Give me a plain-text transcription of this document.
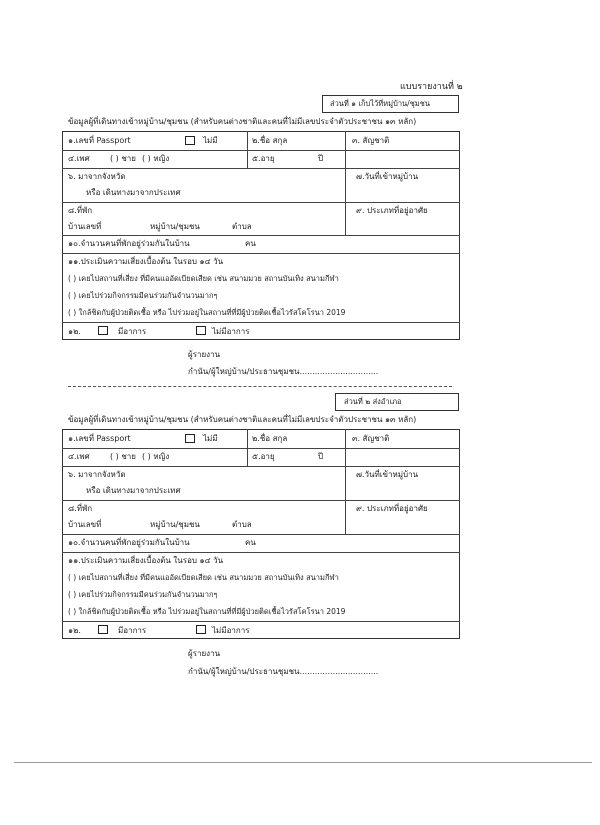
แบบรายงานที่ ๒
ส่วนที่ ๑ เก็บไว้ที่หมู่บ้าน/ชุมชน
ข้อมูลผู้ที่เดินทางเข้าหมู่บ้าน/ชุมชน (สำหรับคนต่างชาติและคนที่ไม่มีเลขประจำตัวประชาชน ๑๓ หลัก)
๑.เลขที่ Passport	ไม่มี	๒.ชื่อ สกุล	๓. สัญชาติ
๔.เพศ	( ) ชาย ( ) หญิง	๕.อายุ	ปี
๖. มาจากจังหวัด
หรือ เดินทางมาจากประเทศ
๗.วันที่เข้าหมู่บ้าน
๘.ที่พัก
บ้านเลขที่	หมู่บ้าน/ชุมชน	ตำบล
๙. ประเภทที่อยู่อาศัย
๑๐.จำนวนคนที่พักอยู่ร่วมกันในบ้าน	คน
๑๑.ประเมินความเสี่ยงเบื้องต้น ในรอบ ๑๔ วัน
( ) เคยไปสถานที่เสี่ยง ที่มีคนแออัดเบียดเสียด เช่น สนามมวย สถานบันเทิง สนามกีฬา
( ) เคยไปร่วมกิจกรรมมีคนร่วมกันจำนวนมากๆ
( ) ใกล้ชิดกับผู้ป่วยติดเชื้อ หรือ ไปร่วมอยู่ในสถานที่ที่มีผู้ป่วยติดเชื้อไวรัสโคโรนา 2019
๑๒.	มีอาการ	ไม่มีอาการ
ผู้รายงาน
กำนัน/ผู้ใหญ่บ้าน/ประธานชุมชน...............................
ส่วนที่ ๒ ส่งอำเภอ
ข้อมูลผู้ที่เดินทางเข้าหมู่บ้าน/ชุมชน (สำหรับคนต่างชาติและคนที่ไม่มีเลขประจำตัวประชาชน ๑๓ หลัก)
๑.เลขที่ Passport	ไม่มี	๒.ชื่อ สกุล	๓. สัญชาติ
๔.เพศ	( ) ชาย ( ) หญิง	๕.อายุ	ปี
๖. มาจากจังหวัด
หรือ เดินทางมาจากประเทศ
๗.วันที่เข้าหมู่บ้าน
๘.ที่พัก
บ้านเลขที่	หมู่บ้าน/ชุมชน	ตำบล
๙. ประเภทที่อยู่อาศัย
๑๐.จำนวนคนที่พักอยู่ร่วมกันในบ้าน	คน
๑๑.ประเมินความเสี่ยงเบื้องต้น ในรอบ ๑๔ วัน
( ) เคยไปสถานที่เสี่ยง ที่มีคนแออัดเบียดเสียด เช่น สนามมวย สถานบันเทิง สนามกีฬา
( ) เคยไปร่วมกิจกรรมมีคนร่วมกันจำนวนมากๆ
( ) ใกล้ชิดกับผู้ป่วยติดเชื้อ หรือ ไปร่วมอยู่ในสถานที่ที่มีผู้ป่วยติดเชื้อไวรัสโคโรนา 2019
๑๒.	มีอาการ	ไม่มีอาการ
ผู้รายงาน
กำนัน/ผู้ใหญ่บ้าน/ประธานชุมชน...............................
